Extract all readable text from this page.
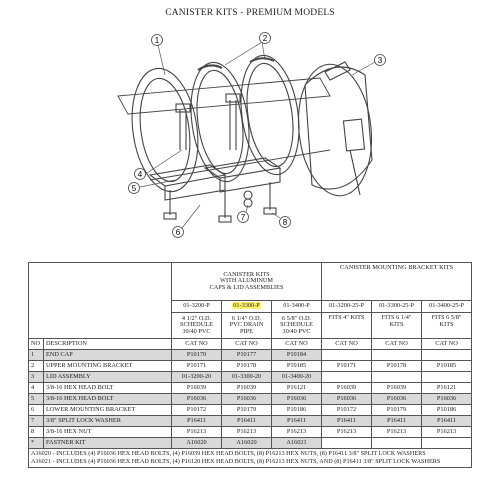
CANISTER KITS - PREMIUM MODELS
1	2
3
4
5
6
7
8
		CANISTER KITS
WITH ALUMINUM
CAPS & LID ASSEMBLIES			CANISTER MOUNTING BRACKET KITS		
		01-3200-P	01-3300-P	01-3400-P	01-3200-25-P	01-3300-25-P	01-3400-25-P
		4 1/2" O.D.
SCHEDULE
30/40 PVC	6 1/4" O.D.
PVC DRAIN
PIPE	6 5/8" O.D.
SCHEDULE
30/40 PVC	FITS 4" KITS	FITS 6 1/4"
KITS	FITS 6 5/8"
KITS
NO	DESCRIPTION	CAT NO	CAT NO	CAT NO	CAT NO	CAT NO	CAT NO
1	END CAP	P10170	P10177	P10184			
2	UPPER MOUNTING BRACKET	P10171	P10178	P10185	P10171	P10178	P10185
3	LID ASSEMBLY	01-3200-20	01-3300-20	01-3400-20			
4	3/8-16 HEX HEAD BOLT	P16039	P16039	P16121	P16039	P16039	P16121
5	3/8-16 HEX HEAD BOLT	P16036	P16036	P16036	P16036	P16036	P16036
6	LOWER MOUNTING BRACKET	P10172	P10179	P10186	P10172	P10179	P10186
7	3/8" SPLIT LOCK WASHER	P16411	P16411	P16411	P16411	P16411	P16411
8	3/8-16 HEX NUT	P16213	P16213	P16213	P16213	P16213	P16213
*	FASTNER KIT	A16020	A16020	A16021			

A16020 - INCLUDES (4) P16036 HEX HEAD BOLTS, (4) P16039 HEX HEAD BOLTS, (8) P16213 HEX NUTS, (8) P16411 3/8" SPLIT LOCK WASHERS
A16021 - INCLUDES (4) P16036 HEX HEAD BOLTS, (4) P16120 HEX HEAD BOLTS, (8) P16213 HEX NUTS, AND (8) P16411 3/8" SPLIT LOCK WASHERS							
